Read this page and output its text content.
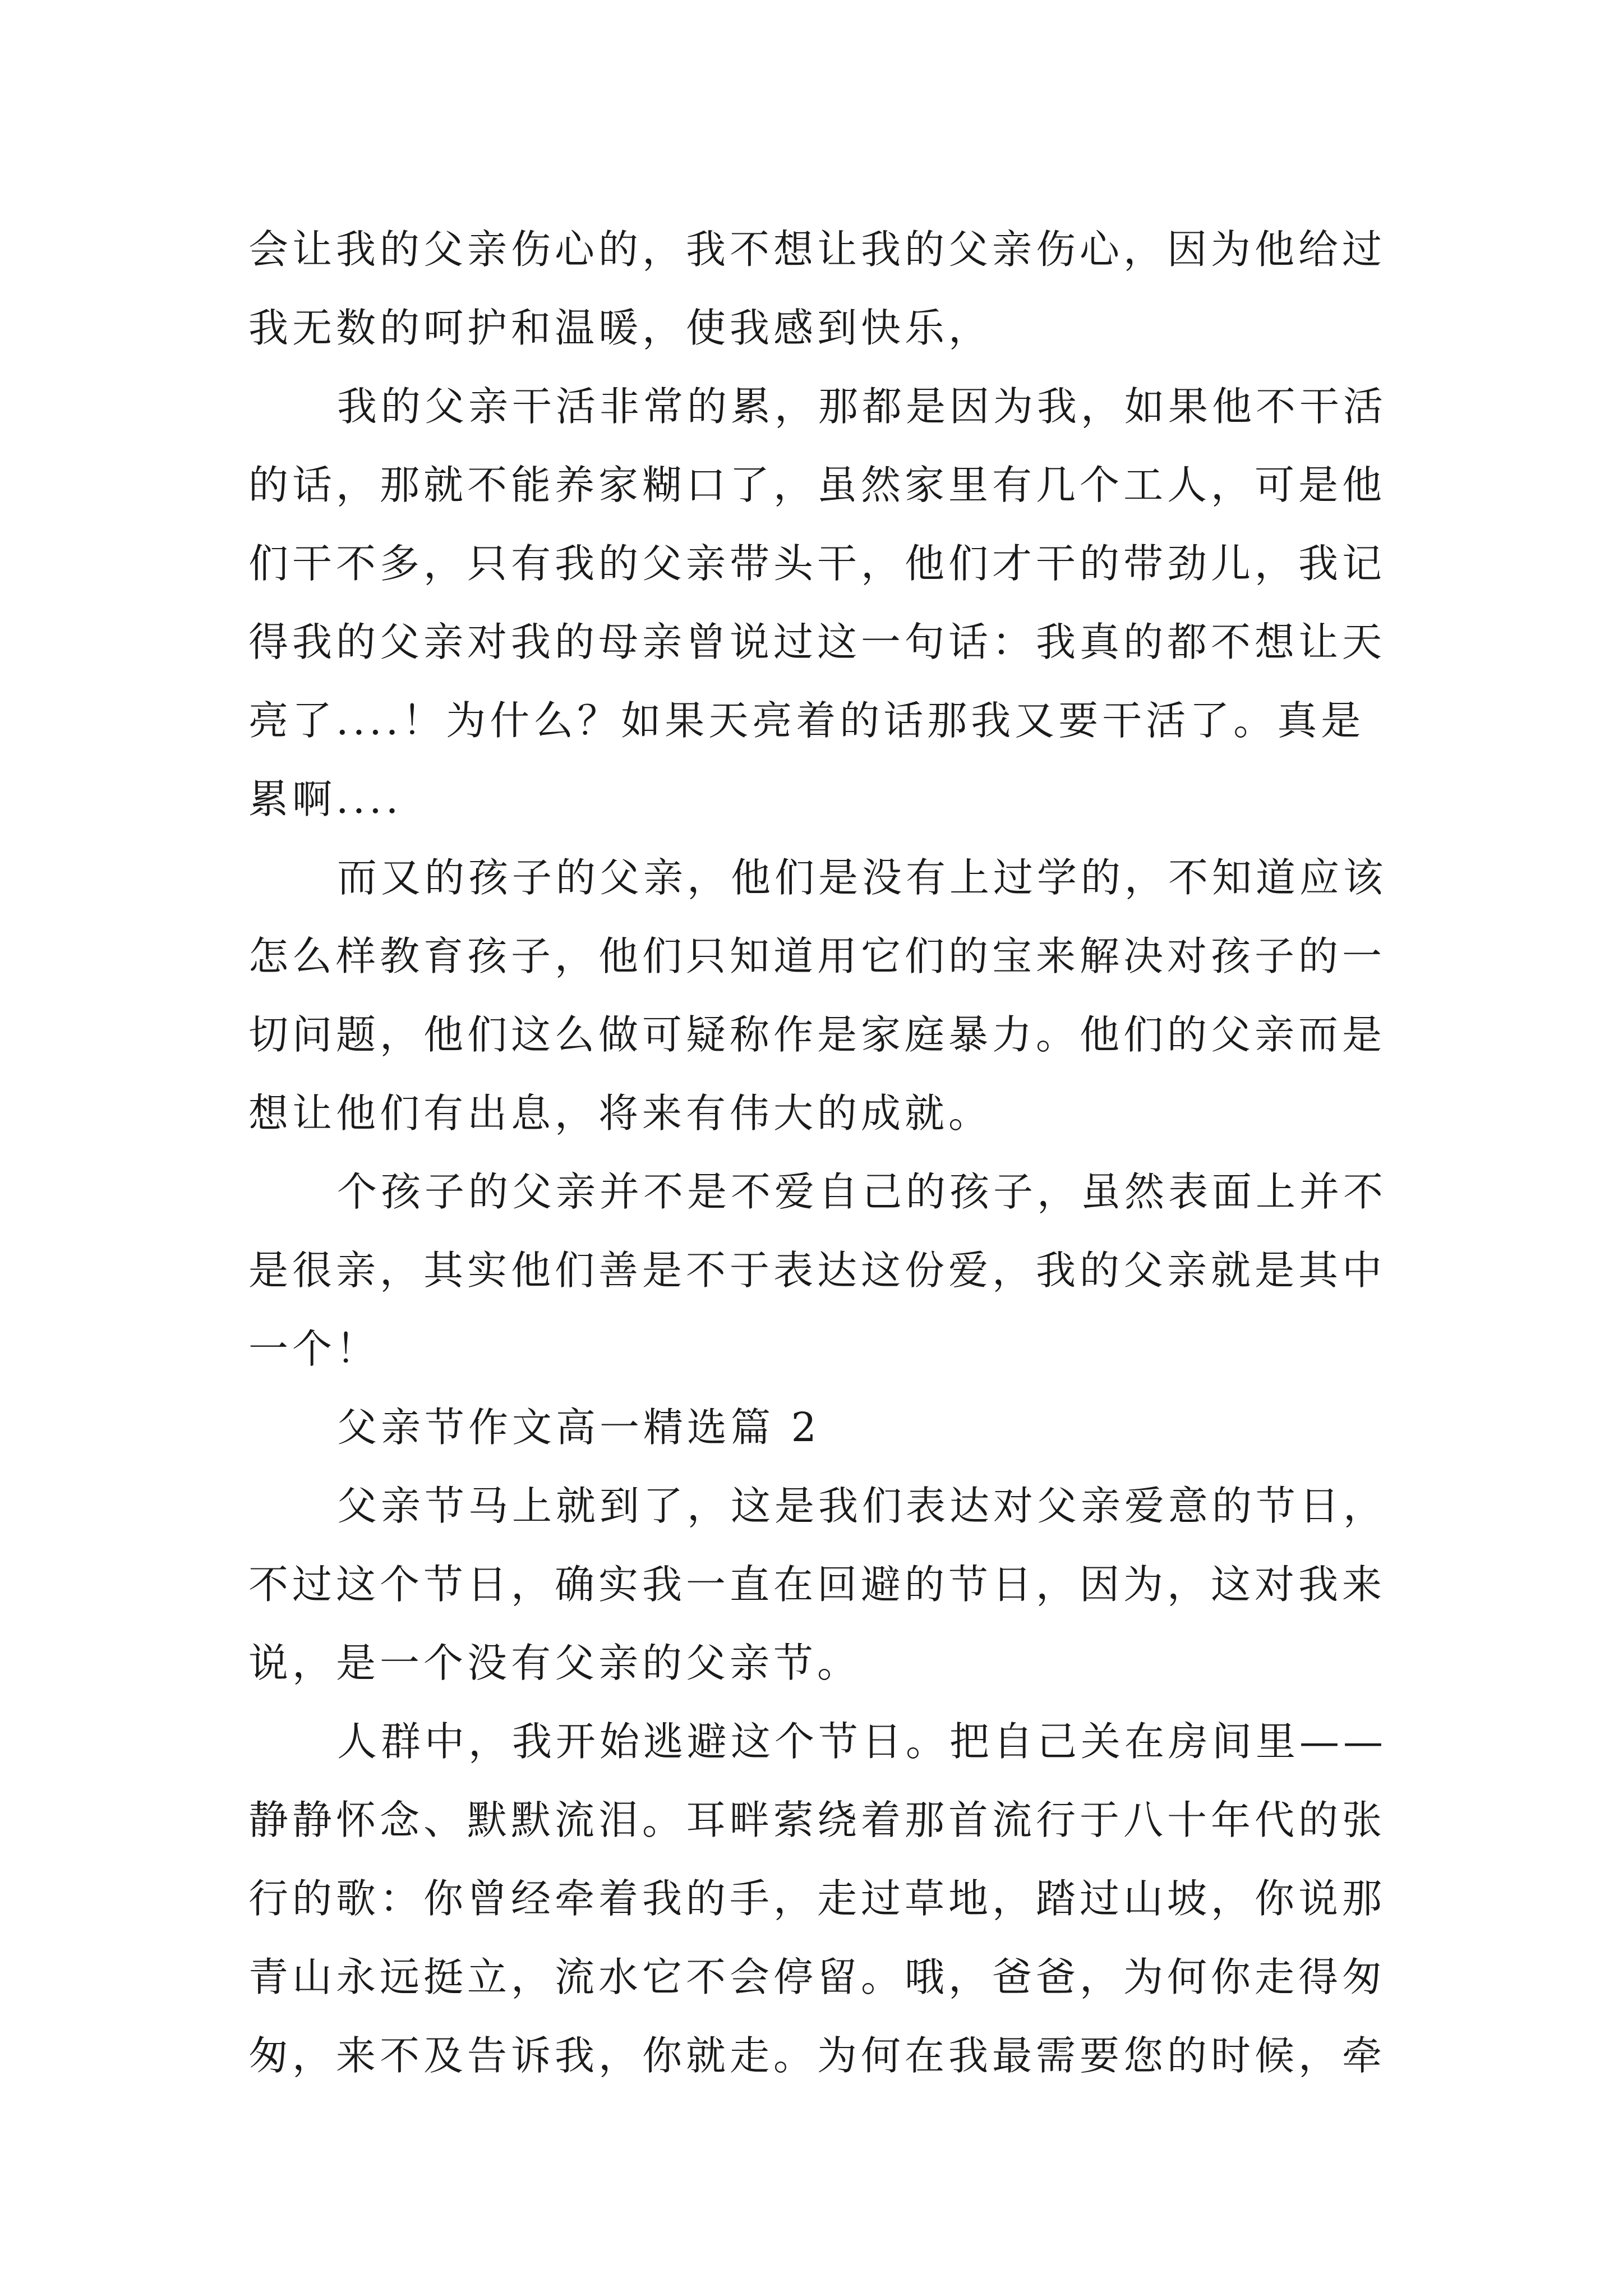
会让我的父亲伤心的，我不想让我的父亲伤心，因为他给过
我无数的呵护和温暖，使我感到快乐，
我的父亲干活非常的累，那都是因为我，如果他不干活
的话，那就不能养家糊口了，虽然家里有几个工人，可是他
们干不多，只有我的父亲带头干，他们才干的带劲儿，我记
得我的父亲对我的母亲曾说过这一句话：我真的都不想让天
亮了....！为什么？如果天亮着的话那我又要干活了。真是
累啊....
而又的孩子的父亲，他们是没有上过学的，不知道应该
怎么样教育孩子，他们只知道用它们的宝来解决对孩子的一
切问题，他们这么做可疑称作是家庭暴力。他们的父亲而是
想让他们有出息，将来有伟大的成就。
个孩子的父亲并不是不爱自己的孩子，虽然表面上并不
是很亲，其实他们善是不于表达这份爱，我的父亲就是其中
一个！
父亲节作文高一精选篇 2
父亲节马上就到了，这是我们表达对父亲爱意的节日，
不过这个节日，确实我一直在回避的节日，因为，这对我来
说，是一个没有父亲的父亲节。
人群中，我开始逃避这个节日。把自己关在房间里——
静静怀念、默默流泪。耳畔萦绕着那首流行于八十年代的张
行的歌：你曾经牵着我的手，走过草地，踏过山坡，你说那
青山永远挺立，流水它不会停留。哦，爸爸，为何你走得匆
匆，来不及告诉我，你就走。为何在我最需要您的时候，牵
